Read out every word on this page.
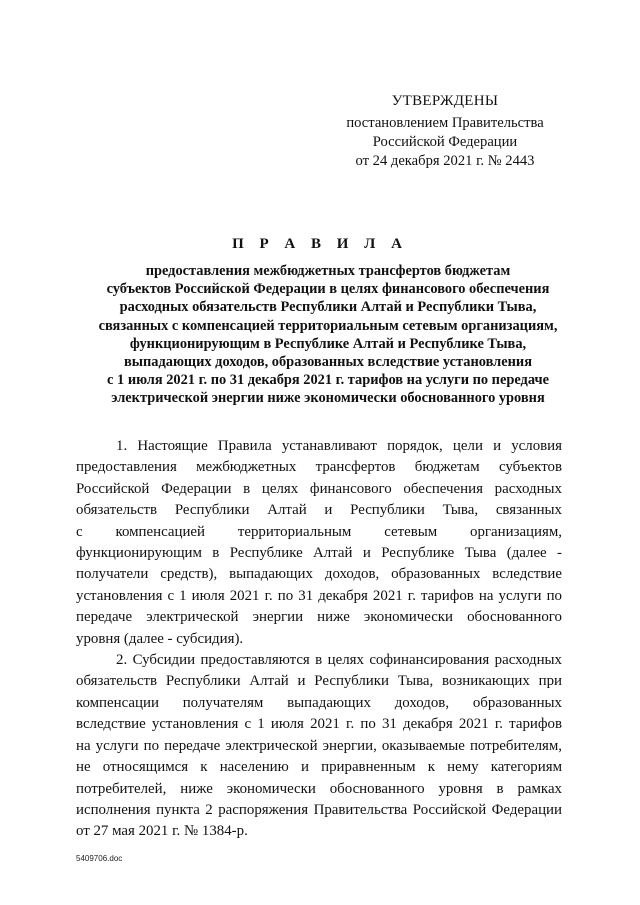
УТВЕРЖДЕНЫ
постановлением Правительства
Российской Федерации
от 24 декабря 2021 г. № 2443
П Р А В И Л А
предоставления межбюджетных трансфертов бюджетам
субъектов Российской Федерации в целях финансового обеспечения
расходных обязательств Республики Алтай и Республики Тыва,
связанных с компенсацией территориальным сетевым организациям,
функционирующим в Республике Алтай и Республике Тыва,
выпадающих доходов, образованных вследствие установления
с 1 июля 2021 г. по 31 декабря 2021 г. тарифов на услуги по передаче
электрической энергии ниже экономически обоснованного уровня

1. Настоящие Правила устанавливают порядок, цели и условия
предоставления межбюджетных трансфертов бюджетам субъектов
Российской Федерации в целях финансового обеспечения расходных
обязательств Республики Алтай и Республики Тыва, связанных
с компенсацией территориальным сетевым организациям,
функционирующим в Республике Алтай и Республике Тыва (далее -
получатели средств), выпадающих доходов, образованных вследствие
установления с 1 июля 2021 г. по 31 декабря 2021 г. тарифов на услуги по
передаче электрической энергии ниже экономически обоснованного
уровня (далее - субсидия).

2. Субсидии предоставляются в целях софинансирования расходных
обязательств Республики Алтай и Республики Тыва, возникающих при
компенсации получателям выпадающих доходов, образованных
вследствие установления с 1 июля 2021 г. по 31 декабря 2021 г. тарифов
на услуги по передаче электрической энергии, оказываемые потребителям,
не относящимся к населению и приравненным к нему категориям
потребителей, ниже экономически обоснованного уровня в рамках
исполнения пункта 2 распоряжения Правительства Российской Федерации
от 27 мая 2021 г. № 1384-р.

5409706.doc
